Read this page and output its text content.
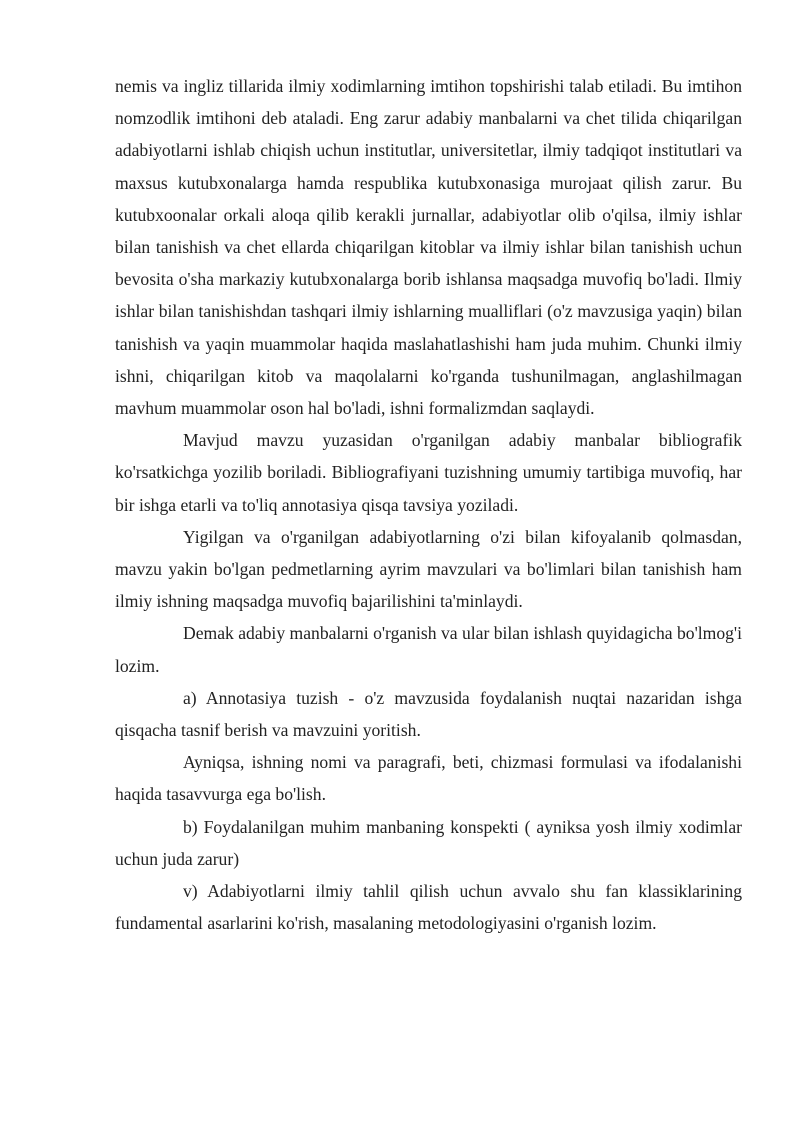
nemis va ingliz tillarida ilmiy xodimlarning imtihon topshirishi talab etiladi. Bu imtihon nomzodlik imtihoni deb ataladi. Eng zarur adabiy manbalarni va chet tilida chiqarilgan adabiyotlarni ishlab chiqish uchun institutlar, universitetlar, ilmiy tadqiqot institutlari va maxsus kutubxonalarga hamda respublika kutubxonasiga murojaat qilish zarur. Bu kutubxoonalar orkali aloqa qilib kerakli jurnallar, adabiyotlar olib o'qilsa, ilmiy ishlar bilan tanishish va chet ellarda chiqarilgan kitoblar va ilmiy ishlar bilan tanishish uchun bevosita o'sha markaziy kutubxonalarga borib ishlansa maqsadga muvofiq bo'ladi. Ilmiy ishlar bilan tanishishdan tashqari ilmiy ishlarning mualliflari (o'z mavzusiga yaqin) bilan tanishish va yaqin muammolar haqida maslahatlashishi ham juda muhim. Chunki ilmiy ishni, chiqarilgan kitob va maqolalarni ko'rganda tushunilmagan, anglashilmagan mavhum muammolar oson hal bo'ladi, ishni formalizmdan saqlaydi.

Mavjud mavzu yuzasidan o'rganilgan adabiy manbalar bibliografik ko'rsatkichga yozilib boriladi. Bibliografiyani tuzishning umumiy tartibiga muvofiq, har bir ishga etarli va to'liq annotasiya qisqa tavsiya yoziladi.

Yigilgan va o'rganilgan adabiyotlarning o'zi bilan kifoyalanib qolmasdan, mavzu yakin bo'lgan pedmetlarning ayrim mavzulari va bo'limlari bilan tanishish ham ilmiy ishning maqsadga muvofiq bajarilishini ta'minlaydi.

Demak adabiy manbalarni o'rganish va ular bilan ishlash quyidagicha bo'lmog'i lozim.

a) Annotasiya tuzish - o'z mavzusida foydalanish nuqtai nazaridan ishga qisqacha tasnif berish va mavzuini yoritish.

Ayniqsa, ishning nomi va paragrafi, beti, chizmasi formulasi va ifodalanishi haqida tasavvurga ega bo'lish.

b) Foydalanilgan muhim manbaning konspekti ( ayniksa yosh ilmiy xodimlar uchun juda zarur)

v) Adabiyotlarni ilmiy tahlil qilish uchun avvalo shu fan klassiklarining fundamental asarlarini ko'rish, masalaning metodologiyasini o'rganish lozim.
